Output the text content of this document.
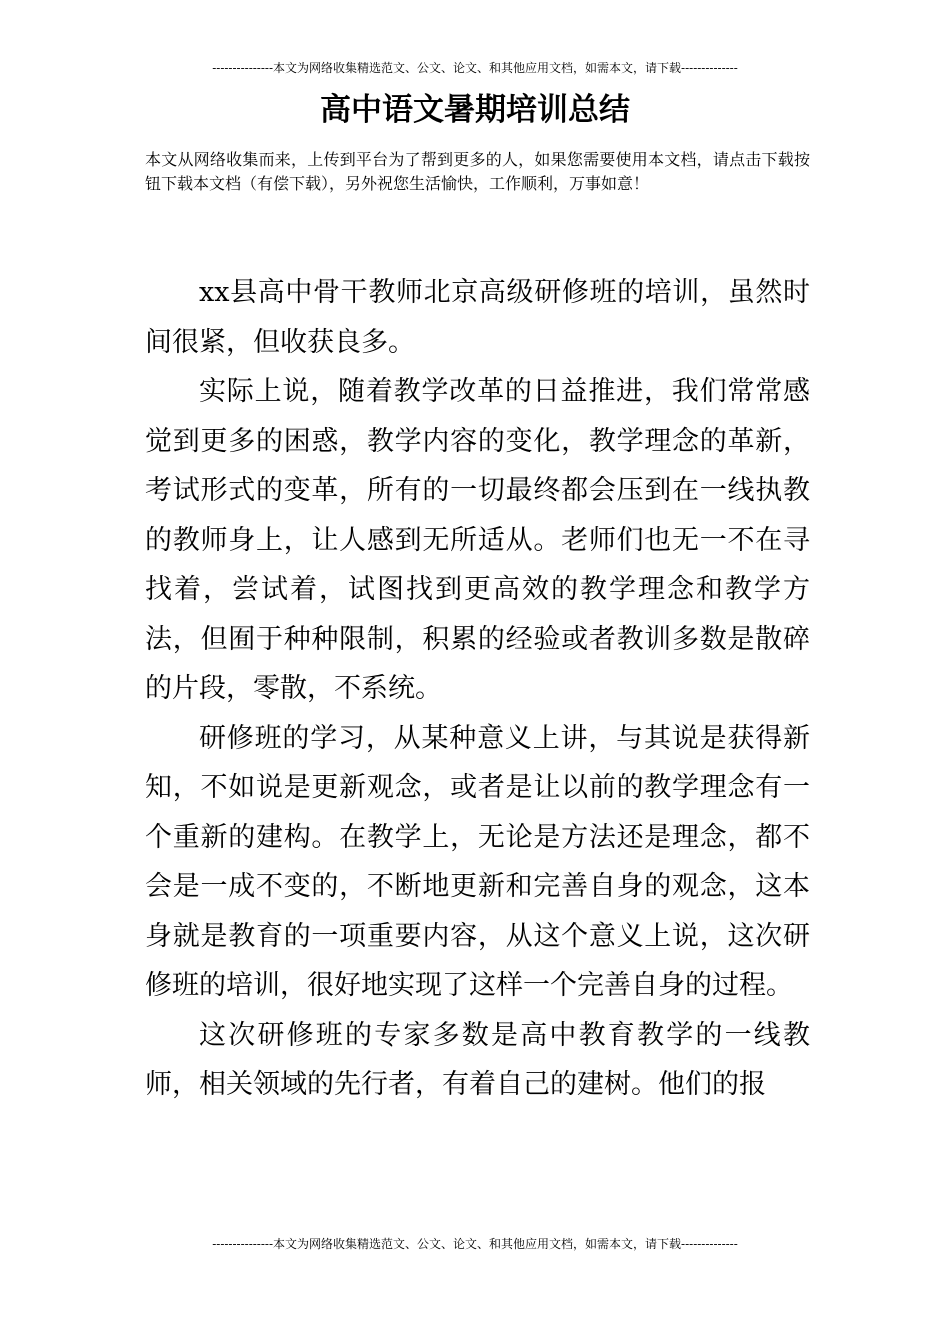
---------------本文为网络收集精选范文、公文、论文、和其他应用文档，如需本文，请下载--------------
高中语文暑期培训总结

本文从网络收集而来，上传到平台为了帮到更多的人，如果您需要使用本文档，请点击下载按钮下载本文档（有偿下载），另外祝您生活愉快，工作顺利，万事如意！

xx县高中骨干教师北京高级研修班的培训，虽然时间很紧，但收获良多。

实际上说，随着教学改革的日益推进，我们常常感觉到更多的困惑，教学内容的变化，教学理念的革新，考试形式的变革，所有的一切最终都会压到在一线执教的教师身上，让人感到无所适从。老师们也无一不在寻找着，尝试着，试图找到更高效的教学理念和教学方法，但囿于种种限制，积累的经验或者教训多数是散碎的片段，零散，不系统。

研修班的学习，从某种意义上讲，与其说是获得新知，不如说是更新观念，或者是让以前的教学理念有一个重新的建构。在教学上，无论是方法还是理念，都不会是一成不变的，不断地更新和完善自身的观念，这本身就是教育的一项重要内容，从这个意义上说，这次研修班的培训，很好地实现了这样一个完善自身的过程。

这次研修班的专家多数是高中教育教学的一线教师，相关领域的先行者，有着自己的建树。他们的报

---------------本文为网络收集精选范文、公文、论文、和其他应用文档，如需本文，请下载--------------
